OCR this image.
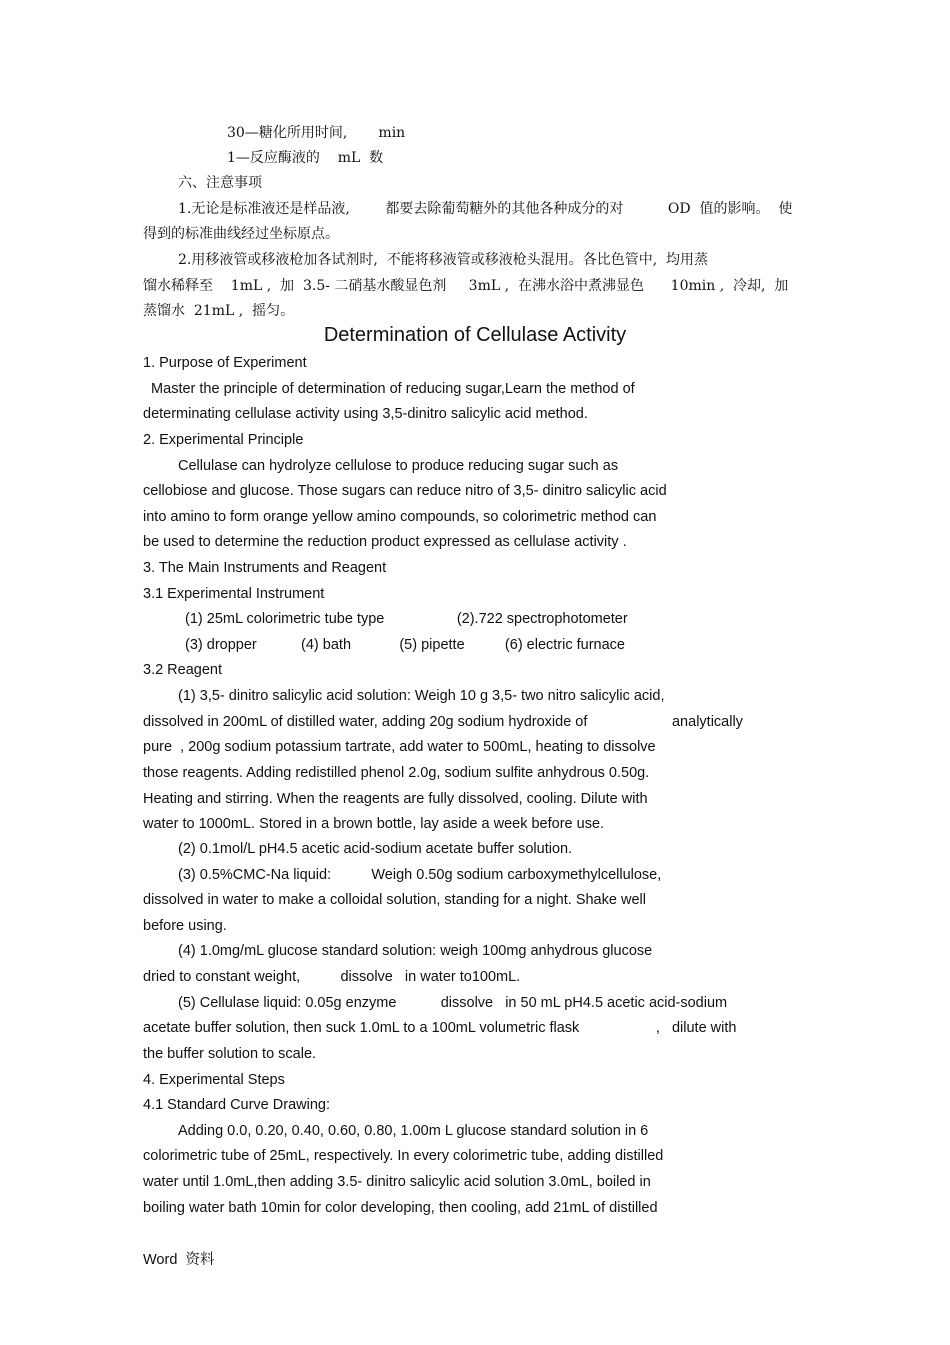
30—糖化所用时间,       min
1—反应酶液的    mL  数
六、注意事项
1.无论是标准液还是样品液,        都要去除葡萄糖外的其他各种成分的对          OD  值的影响。  使
得到的标准曲线经过坐标原点。
2.用移液管或移液枪加各试剂时,  不能将移液管或移液枪头混用。各比色管中,  均用蒸
馏水稀释至    1mL ,  加  3.5- 二硝基水酸显色剂     3mL ,  在沸水浴中煮沸显色      10min ,  冷却,  加
蒸馏水  21mL ,  摇匀。
1. Purpose of Experiment
Master the principle of determination of reducing sugar,Learn the method of
determinating cellulase activity using 3,5-dinitro salicylic acid method.
2. Experimental Principle
Cellulase can hydrolyze cellulose to produce reducing sugar such as
cellobiose and glucose. Those sugars can reduce nitro of 3,5- dinitro salicylic acid
into amino to form orange yellow amino compounds, so colorimetric method can
be used to determine the reduction product expressed as cellulase activity .
3. The Main Instruments and Reagent
3.1 Experimental Instrument
(1) 25mL colorimetric tube type                  (2).722 spectrophotometer
(3) dropper           (4) bath            (5) pipette          (6) electric furnace
3.2 Reagent
(1) 3,5- dinitro salicylic acid solution: Weigh 10 g 3,5- two nitro salicylic acid,
dissolved in 200mL of distilled water, adding 20g sodium hydroxide of                     analytically
pure  , 200g sodium potassium tartrate, add water to 500mL, heating to dissolve
those reagents. Adding redistilled phenol 2.0g, sodium sulfite anhydrous 0.50g.
Heating and stirring. When the reagents are fully dissolved, cooling. Dilute with
water to 1000mL. Stored in a brown bottle, lay aside a week before use.
(2) 0.1mol/L pH4.5 acetic acid-sodium acetate buffer solution.
(3) 0.5%CMC-Na liquid:          Weigh 0.50g sodium carboxymethylcellulose,
dissolved in water to make a colloidal solution, standing for a night. Shake well
before using.
(4) 1.0mg/mL glucose standard solution: weigh 100mg anhydrous glucose
dried to constant weight,          dissolve   in water to100mL.
(5) Cellulase liquid: 0.05g enzyme           dissolve   in 50 mL pH4.5 acetic acid-sodium
acetate buffer solution, then suck 1.0mL to a 100mL volumetric flask                   ,   dilute with
the buffer solution to scale.
4. Experimental Steps
4.1 Standard Curve Drawing:
Adding 0.0, 0.20, 0.40, 0.60, 0.80, 1.00m L glucose standard solution in 6
colorimetric tube of 25mL, respectively. In every colorimetric tube, adding distilled
water until 1.0mL,then adding 3.5- dinitro salicylic acid solution 3.0mL, boiled in
boiling water bath 10min for color developing, then cooling, add 21mL of distilled
Word  资料
Determination of Cellulase Activity
